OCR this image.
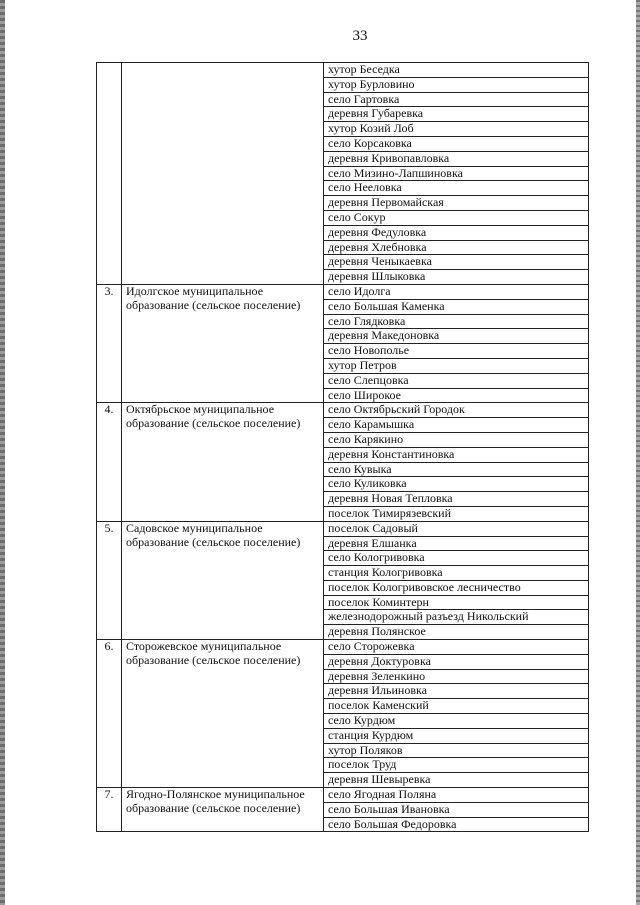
33
		хутор Беседка
		хутор Бурловино
		село Гартовка
		деревня Губаревка
		хутор Козий Лоб
		село Корсаковка
		деревня Кривопавловка
		село Мизино-Лапшиновка
		село Нееловка
		деревня Первомайская
		село Сокур
		деревня Федуловка
		деревня Хлебновка
		деревня Ченыкаевка
		деревня Шлыковка
3.	Идолгское муниципальное образование (сельское поселение)	село Идолга
		село Большая Каменка
		село Глядковка
		деревня Македоновка
		село Новополье
		хутор Петров
		село Слепцовка
		село Широкое
4.	Октябрьское муниципальное образование (сельское поселение)	село Октябрьский Городок
		село Карамышка
		село Карякино
		деревня Константиновка
		село Кувыка
		село Куликовка
		деревня Новая Тепловка
		поселок Тимирязевский
5.	Садовское муниципальное образование (сельское поселение)	поселок Садовый
		деревня Елшанка
		село Кологривовка
		станция Кологривовка
		поселок Кологривовское лесничество
		поселок Коминтерн
		железнодорожный разъезд Никольский
		деревня Полянское
6.	Сторожевское муниципальное образование (сельское поселение)	село Сторожевка
		деревня Доктуровка
		деревня Зеленкино
		деревня Ильиновка
		поселок Каменский
		село Курдюм
		станция Курдюм
		хутор Поляков
		поселок Труд
		деревня Шевыревка
7.	Ягодно-Полянское муниципальное образование (сельское поселение)	село Ягодная Поляна
		село Большая Ивановка
		село Большая Федоровка
